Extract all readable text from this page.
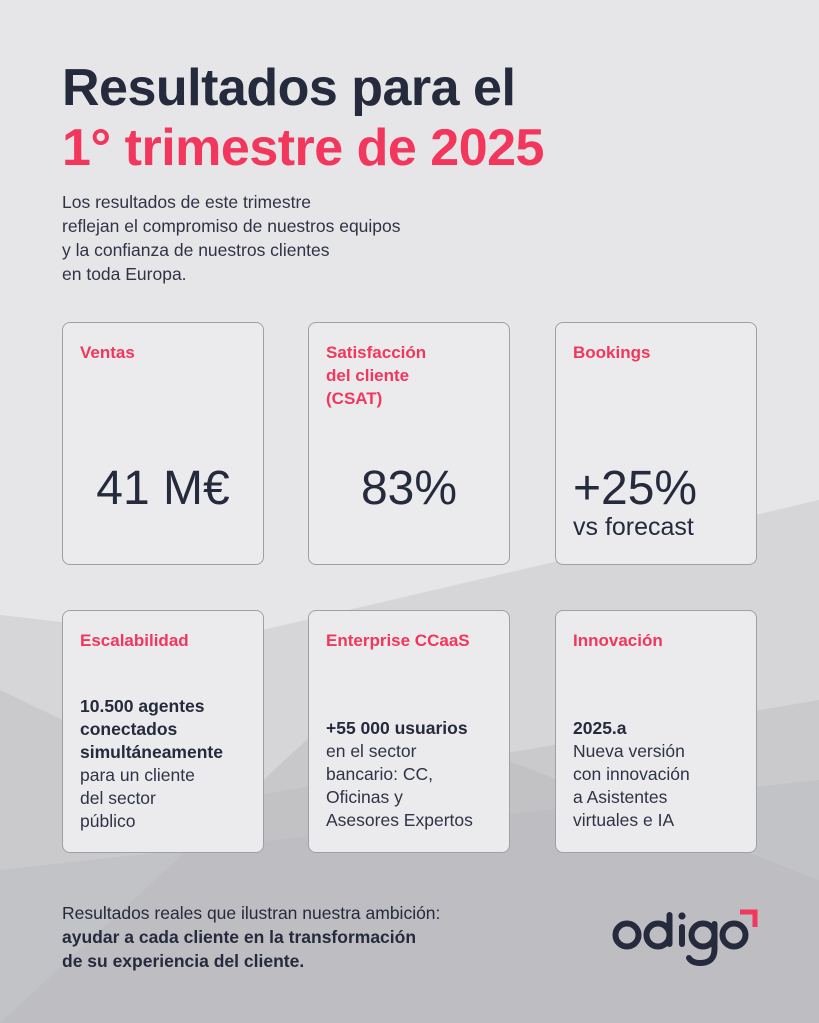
Resultados para el
1° trimestre de 2025
Los resultados de este trimestre
reflejan el compromiso de nuestros equipos
y la confianza de nuestros clientes
en toda Europa.
Ventas
41 M€
Satisfacción
del cliente
(CSAT)
83%
Bookings
+25%
vs forecast
Escalabilidad
10.500 agentes
conectados
simultáneamente
para un cliente
del sector
público
Enterprise CCaaS
+55 000 usuarios
en el sector
bancario: CC,
Oficinas y
Asesores Expertos
Innovación
2025.a
Nueva versión
con innovación
a Asistentes
virtuales e IA
Resultados reales que ilustran nuestra ambición:
ayudar a cada cliente en la transformación
de su experiencia del cliente.
